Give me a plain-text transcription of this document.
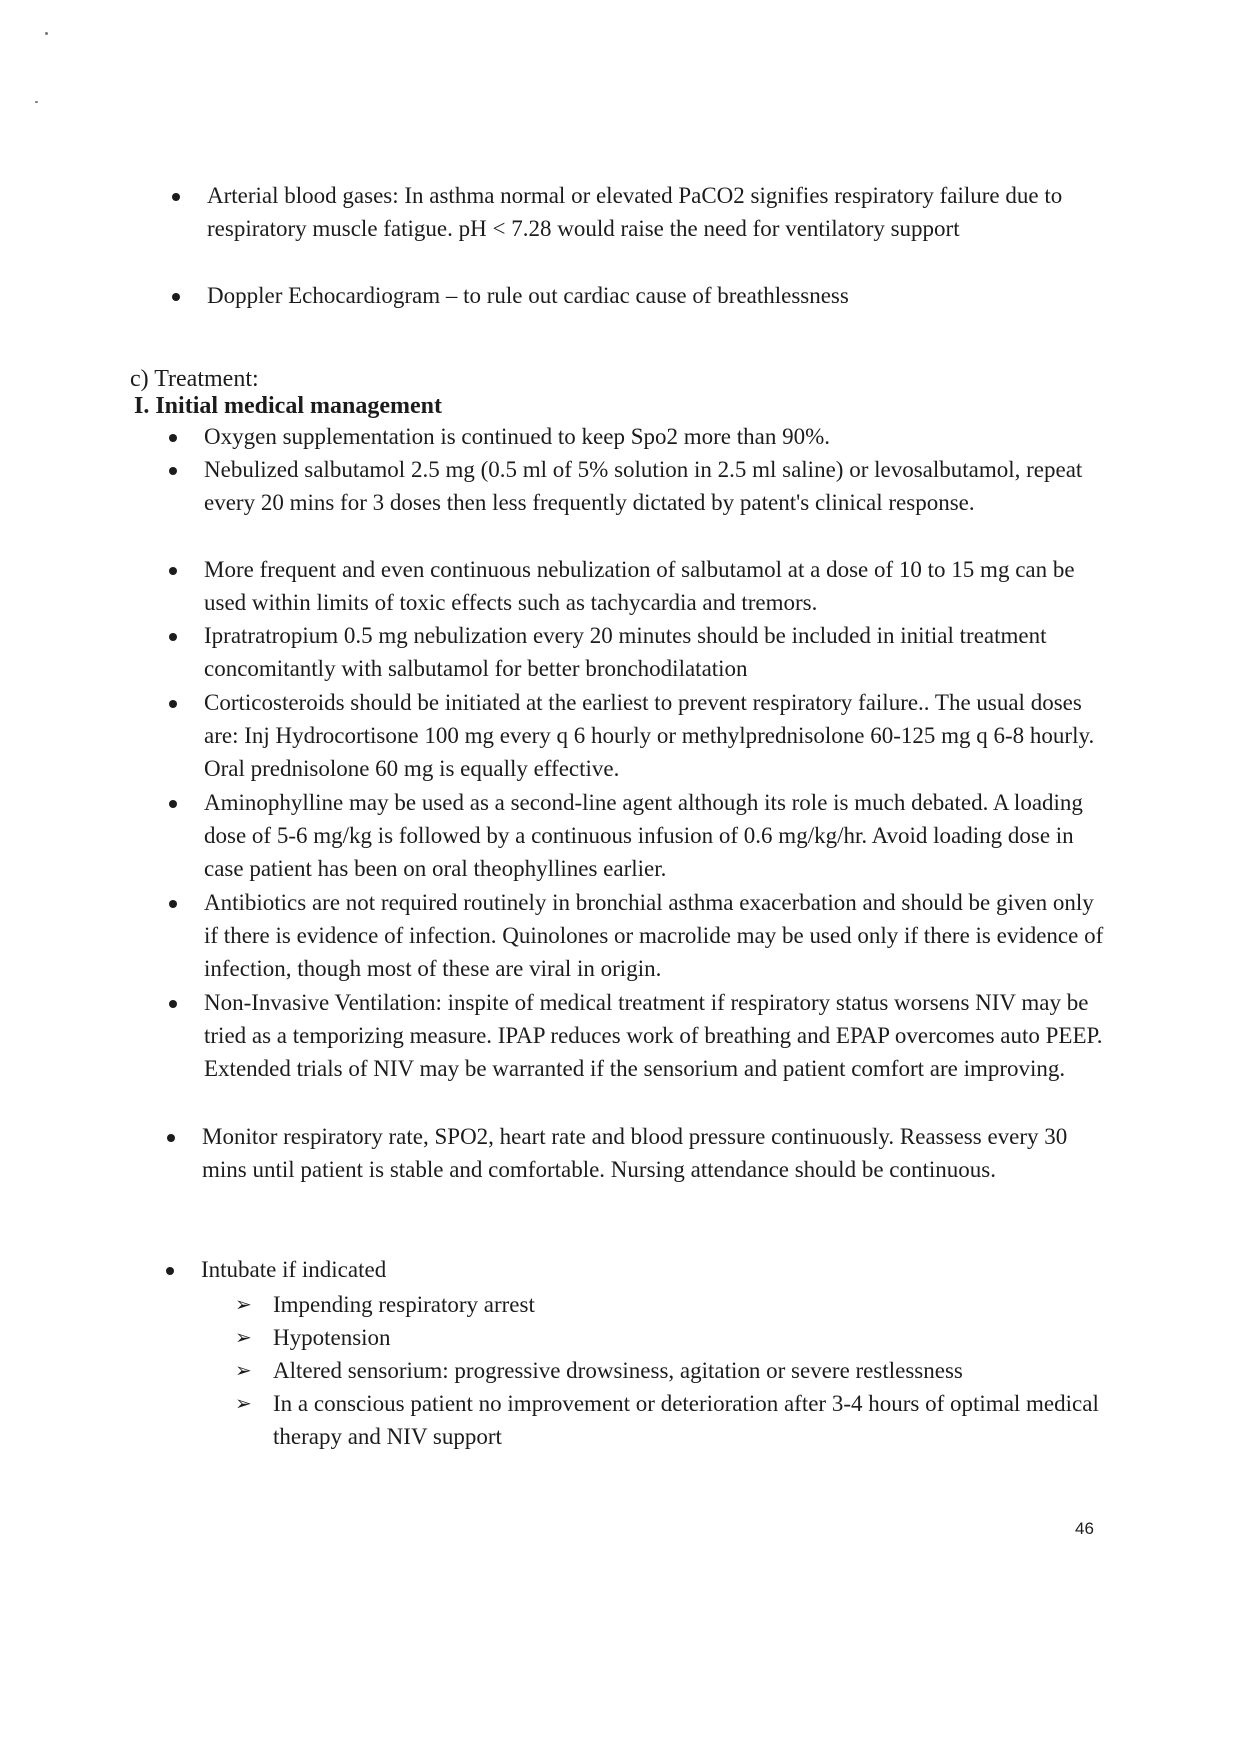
Arterial blood gases: In asthma normal or elevated PaCO2 signifies respiratory failure due to respiratory muscle fatigue. pH < 7.28 would raise the need for ventilatory support
Doppler Echocardiogram – to rule out cardiac cause of breathlessness
c) Treatment:
I. Initial medical management
Oxygen supplementation is continued to keep Spo2 more than 90%.
Nebulized salbutamol 2.5 mg (0.5 ml of 5% solution in 2.5 ml saline) or levosalbutamol, repeat every 20 mins for 3 doses then less frequently dictated by patent's clinical response.
More frequent and even continuous nebulization of salbutamol at a dose of 10 to 15 mg can be used within limits of toxic effects such as tachycardia and tremors.
Ipratratropium 0.5 mg nebulization every 20 minutes should be included in initial treatment concomitantly with salbutamol for better bronchodilatation
Corticosteroids should be initiated at the earliest to prevent respiratory failure.. The usual doses are: Inj Hydrocortisone 100 mg every q 6 hourly or methylprednisolone 60-125 mg q 6-8 hourly. Oral prednisolone 60 mg is equally effective.
Aminophylline may be used as a second-line agent although its role is much debated. A loading dose of 5-6 mg/kg is followed by a continuous infusion of 0.6 mg/kg/hr. Avoid loading dose in case patient has been on oral theophyllines earlier.
Antibiotics are not required routinely in bronchial asthma exacerbation and should be given only if there is evidence of infection. Quinolones or macrolide may be used only if there is evidence of infection, though most of these are viral in origin.
Non-Invasive Ventilation: inspite of medical treatment if respiratory status worsens NIV may be tried as a temporizing measure. IPAP reduces work of breathing and EPAP overcomes auto PEEP. Extended trials of NIV may be warranted if the sensorium and patient comfort are improving.
Monitor respiratory rate, SPO2, heart rate and blood pressure continuously. Reassess every 30 mins until patient is stable and comfortable. Nursing attendance should be continuous.
Intubate if indicated
➢ Impending respiratory arrest
➢ Hypotension
➢ Altered sensorium: progressive drowsiness, agitation or severe restlessness
➢ In a conscious patient no improvement or deterioration after 3-4 hours of optimal medical therapy and NIV support
46
